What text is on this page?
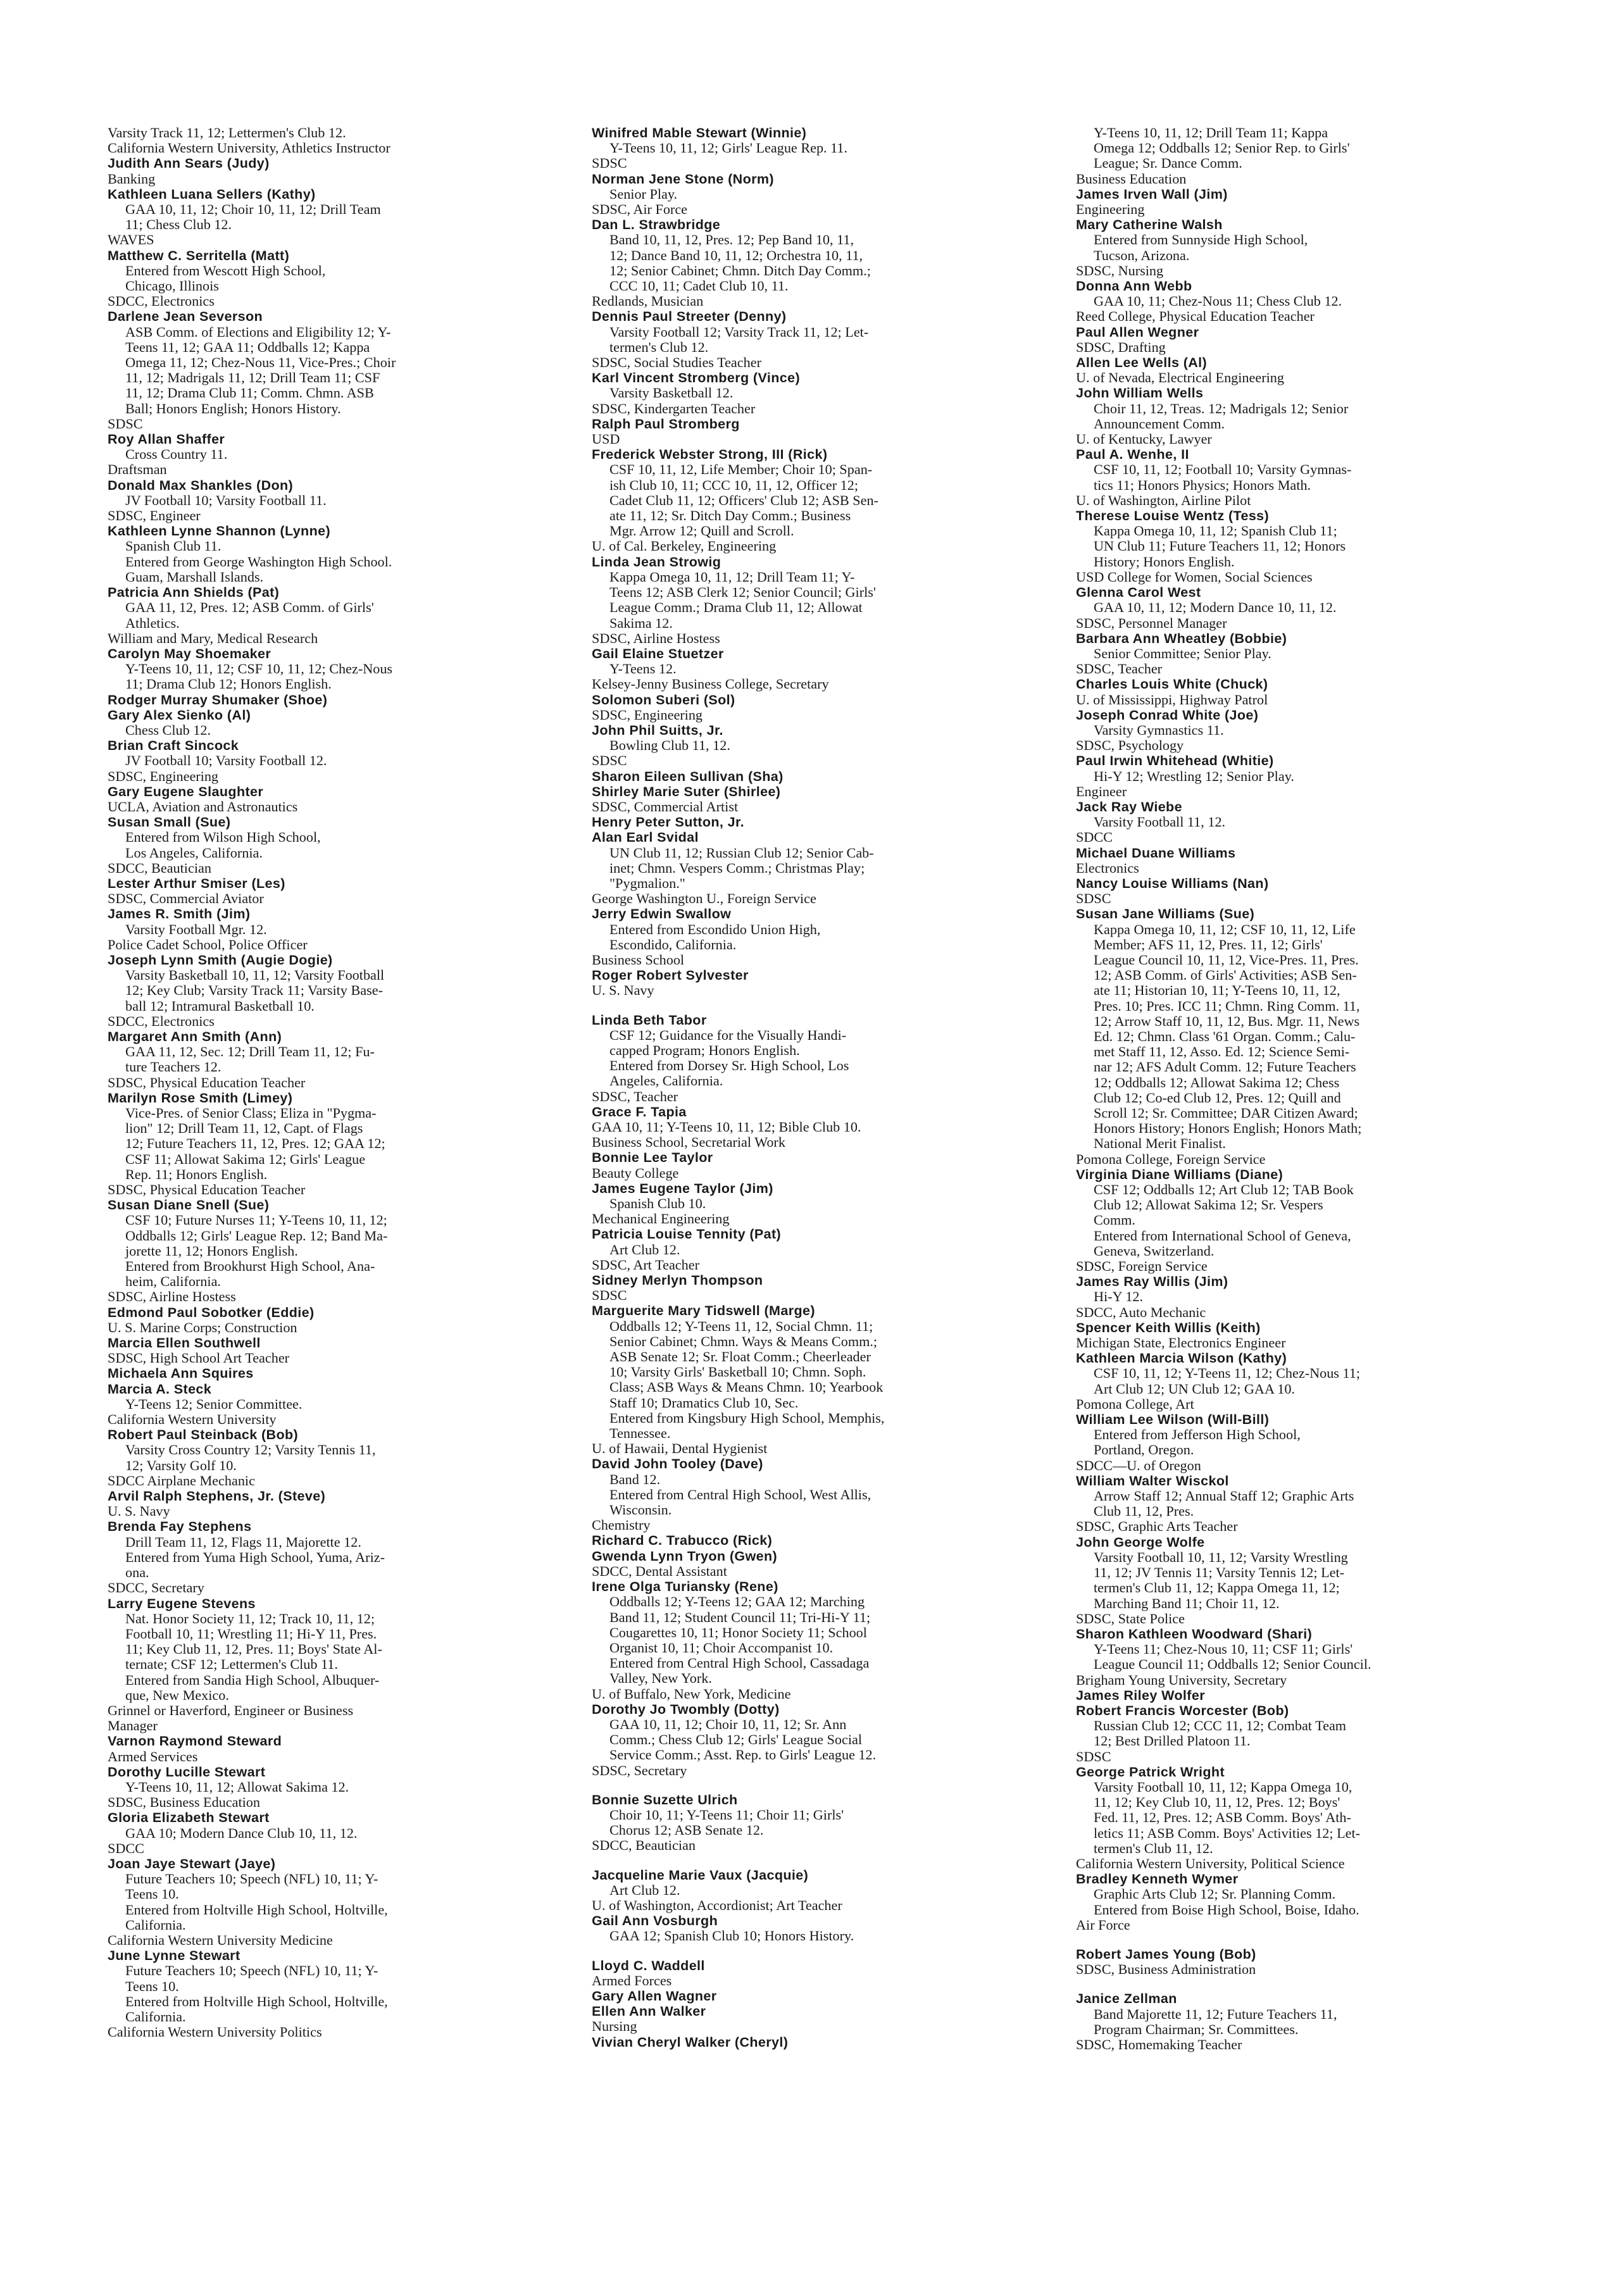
Varsity Track 11, 12; Lettermen's Club 12.
California Western University, Athletics Instructor
Judith Ann Sears (Judy)
Banking
Kathleen Luana Sellers (Kathy)
GAA 10, 11, 12; Choir 10, 11, 12; Drill Team
11; Chess Club 12.
WAVES
Matthew C. Serritella (Matt)
Entered from Wescott High School,
Chicago, Illinois
SDCC, Electronics
Darlene Jean Severson
ASB Comm. of Elections and Eligibility 12; Y-
Teens 11, 12; GAA 11; Oddballs 12; Kappa
Omega 11, 12; Chez-Nous 11, Vice-Pres.; Choir
11, 12; Madrigals 11, 12; Drill Team 11; CSF
11, 12; Drama Club 11; Comm. Chmn. ASB
Ball; Honors English; Honors History.
SDSC
Roy Allan Shaffer
Cross Country 11.
Draftsman
Donald Max Shankles (Don)
JV Football 10; Varsity Football 11.
SDSC, Engineer
Kathleen Lynne Shannon (Lynne)
Spanish Club 11.
Entered from George Washington High School.
Guam, Marshall Islands.
Patricia Ann Shields (Pat)
GAA 11, 12, Pres. 12; ASB Comm. of Girls'
Athletics.
William and Mary, Medical Research
Carolyn May Shoemaker
Y-Teens 10, 11, 12; CSF 10, 11, 12; Chez-Nous
11; Drama Club 12; Honors English.
Rodger Murray Shumaker (Shoe)
Gary Alex Sienko (Al)
Chess Club 12.
Brian Craft Sincock
JV Football 10; Varsity Football 12.
SDSC, Engineering
Gary Eugene Slaughter
UCLA, Aviation and Astronautics
Susan Small (Sue)
Entered from Wilson High School,
Los Angeles, California.
SDCC, Beautician
Lester Arthur Smiser (Les)
SDSC, Commercial Aviator
James R. Smith (Jim)
Varsity Football Mgr. 12.
Police Cadet School, Police Officer
Joseph Lynn Smith (Augie Dogie)
Varsity Basketball 10, 11, 12; Varsity Football
12; Key Club; Varsity Track 11; Varsity Base-
ball 12; Intramural Basketball 10.
SDCC, Electronics
Margaret Ann Smith (Ann)
GAA 11, 12, Sec. 12; Drill Team 11, 12; Fu-
ture Teachers 12.
SDSC, Physical Education Teacher
Marilyn Rose Smith (Limey)
Vice-Pres. of Senior Class; Eliza in "Pygma-
lion" 12; Drill Team 11, 12, Capt. of Flags
12; Future Teachers 11, 12, Pres. 12; GAA 12;
CSF 11; Allowat Sakima 12; Girls' League
Rep. 11; Honors English.
SDSC, Physical Education Teacher
Susan Diane Snell (Sue)
CSF 10; Future Nurses 11; Y-Teens 10, 11, 12;
Oddballs 12; Girls' League Rep. 12; Band Ma-
jorette 11, 12; Honors English.
Entered from Brookhurst High School, Ana-
heim, California.
SDSC, Airline Hostess
Edmond Paul Sobotker (Eddie)
U. S. Marine Corps; Construction
Marcia Ellen Southwell
SDSC, High School Art Teacher
Michaela Ann Squires
Marcia A. Steck
Y-Teens 12; Senior Committee.
California Western University
Robert Paul Steinback (Bob)
Varsity Cross Country 12; Varsity Tennis 11,
12; Varsity Golf 10.
SDCC Airplane Mechanic
Arvil Ralph Stephens, Jr. (Steve)
U. S. Navy
Brenda Fay Stephens
Drill Team 11, 12, Flags 11, Majorette 12.
Entered from Yuma High School, Yuma, Ariz-
ona.
SDCC, Secretary
Larry Eugene Stevens
Nat. Honor Society 11, 12; Track 10, 11, 12;
Football 10, 11; Wrestling 11; Hi-Y 11, Pres.
11; Key Club 11, 12, Pres. 11; Boys' State Al-
ternate; CSF 12; Lettermen's Club 11.
Entered from Sandia High School, Albuquer-
que, New Mexico.
Grinnel or Haverford, Engineer or Business
Manager
Varnon Raymond Steward
Armed Services
Dorothy Lucille Stewart
Y-Teens 10, 11, 12; Allowat Sakima 12.
SDSC, Business Education
Gloria Elizabeth Stewart
GAA 10; Modern Dance Club 10, 11, 12.
SDCC
Joan Jaye Stewart (Jaye)
Future Teachers 10; Speech (NFL) 10, 11; Y-
Teens 10.
Entered from Holtville High School, Holtville,
California.
California Western University Medicine
June Lynne Stewart
Future Teachers 10; Speech (NFL) 10, 11; Y-
Teens 10.
Entered from Holtville High School, Holtville,
California.
California Western University Politics
Winifred Mable Stewart (Winnie)
Y-Teens 10, 11, 12; Girls' League Rep. 11.
SDSC
Norman Jene Stone (Norm)
Senior Play.
SDSC, Air Force
Dan L. Strawbridge
Band 10, 11, 12, Pres. 12; Pep Band 10, 11,
12; Dance Band 10, 11, 12; Orchestra 10, 11,
12; Senior Cabinet; Chmn. Ditch Day Comm.;
CCC 10, 11; Cadet Club 10, 11.
Redlands, Musician
Dennis Paul Streeter (Denny)
Varsity Football 12; Varsity Track 11, 12; Let-
termen's Club 12.
SDSC, Social Studies Teacher
Karl Vincent Stromberg (Vince)
Varsity Basketball 12.
SDSC, Kindergarten Teacher
Ralph Paul Stromberg
USD
Frederick Webster Strong, III (Rick)
CSF 10, 11, 12, Life Member; Choir 10; Span-
ish Club 10, 11; CCC 10, 11, 12, Officer 12;
Cadet Club 11, 12; Officers' Club 12; ASB Sen-
ate 11, 12; Sr. Ditch Day Comm.; Business
Mgr. Arrow 12; Quill and Scroll.
U. of Cal. Berkeley, Engineering
Linda Jean Strowig
Kappa Omega 10, 11, 12; Drill Team 11; Y-
Teens 12; ASB Clerk 12; Senior Council; Girls'
League Comm.; Drama Club 11, 12; Allowat
Sakima 12.
SDSC, Airline Hostess
Gail Elaine Stuetzer
Y-Teens 12.
Kelsey-Jenny Business College, Secretary
Solomon Suberi (Sol)
SDSC, Engineering
John Phil Suitts, Jr.
Bowling Club 11, 12.
SDSC
Sharon Eileen Sullivan (Sha)
Shirley Marie Suter (Shirlee)
SDSC, Commercial Artist
Henry Peter Sutton, Jr.
Alan Earl Svidal
UN Club 11, 12; Russian Club 12; Senior Cab-
inet; Chmn. Vespers Comm.; Christmas Play;
"Pygmalion."
George Washington U., Foreign Service
Jerry Edwin Swallow
Entered from Escondido Union High,
Escondido, California.
Business School
Roger Robert Sylvester
U. S. Navy
Linda Beth Tabor
CSF 12; Guidance for the Visually Handi-
capped Program; Honors English.
Entered from Dorsey Sr. High School, Los
Angeles, California.
SDSC, Teacher
Grace F. Tapia
GAA 10, 11; Y-Teens 10, 11, 12; Bible Club 10.
Business School, Secretarial Work
Bonnie Lee Taylor
Beauty College
James Eugene Taylor (Jim)
Spanish Club 10.
Mechanical Engineering
Patricia Louise Tennity (Pat)
Art Club 12.
SDSC, Art Teacher
Sidney Merlyn Thompson
SDSC
Marguerite Mary Tidswell (Marge)
Oddballs 12; Y-Teens 11, 12, Social Chmn. 11;
Senior Cabinet; Chmn. Ways & Means Comm.;
ASB Senate 12; Sr. Float Comm.; Cheerleader
10; Varsity Girls' Basketball 10; Chmn. Soph.
Class; ASB Ways & Means Chmn. 10; Yearbook
Staff 10; Dramatics Club 10, Sec.
Entered from Kingsbury High School, Memphis,
Tennessee.
U. of Hawaii, Dental Hygienist
David John Tooley (Dave)
Band 12.
Entered from Central High School, West Allis,
Wisconsin.
Chemistry
Richard C. Trabucco (Rick)
Gwenda Lynn Tryon (Gwen)
SDCC, Dental Assistant
Irene Olga Turiansky (Rene)
Oddballs 12; Y-Teens 12; GAA 12; Marching
Band 11, 12; Student Council 11; Tri-Hi-Y 11;
Cougarettes 10, 11; Honor Society 11; School
Organist 10, 11; Choir Accompanist 10.
Entered from Central High School, Cassadaga
Valley, New York.
U. of Buffalo, New York, Medicine
Dorothy Jo Twombly (Dotty)
GAA 10, 11, 12; Choir 10, 11, 12; Sr. Ann
Comm.; Chess Club 12; Girls' League Social
Service Comm.; Asst. Rep. to Girls' League 12.
SDSC, Secretary
Bonnie Suzette Ulrich
Choir 10, 11; Y-Teens 11; Choir 11; Girls'
Chorus 12; ASB Senate 12.
SDCC, Beautician
Jacqueline Marie Vaux (Jacquie)
Art Club 12.
U. of Washington, Accordionist; Art Teacher
Gail Ann Vosburgh
GAA 12; Spanish Club 10; Honors History.
Lloyd C. Waddell
Armed Forces
Gary Allen Wagner
Ellen Ann Walker
Nursing
Vivian Cheryl Walker (Cheryl)
Y-Teens 10, 11, 12; Drill Team 11; Kappa
Omega 12; Oddballs 12; Senior Rep. to Girls'
League; Sr. Dance Comm.
Business Education
James Irven Wall (Jim)
Engineering
Mary Catherine Walsh
Entered from Sunnyside High School,
Tucson, Arizona.
SDSC, Nursing
Donna Ann Webb
GAA 10, 11; Chez-Nous 11; Chess Club 12.
Reed College, Physical Education Teacher
Paul Allen Wegner
SDSC, Drafting
Allen Lee Wells (Al)
U. of Nevada, Electrical Engineering
John William Wells
Choir 11, 12, Treas. 12; Madrigals 12; Senior
Announcement Comm.
U. of Kentucky, Lawyer
Paul A. Wenhe, II
CSF 10, 11, 12; Football 10; Varsity Gymnas-
tics 11; Honors Physics; Honors Math.
U. of Washington, Airline Pilot
Therese Louise Wentz (Tess)
Kappa Omega 10, 11, 12; Spanish Club 11;
UN Club 11; Future Teachers 11, 12; Honors
History; Honors English.
USD College for Women, Social Sciences
Glenna Carol West
GAA 10, 11, 12; Modern Dance 10, 11, 12.
SDSC, Personnel Manager
Barbara Ann Wheatley (Bobbie)
Senior Committee; Senior Play.
SDSC, Teacher
Charles Louis White (Chuck)
U. of Mississippi, Highway Patrol
Joseph Conrad White (Joe)
Varsity Gymnastics 11.
SDSC, Psychology
Paul Irwin Whitehead (Whitie)
Hi-Y 12; Wrestling 12; Senior Play.
Engineer
Jack Ray Wiebe
Varsity Football 11, 12.
SDCC
Michael Duane Williams
Electronics
Nancy Louise Williams (Nan)
SDSC
Susan Jane Williams (Sue)
Kappa Omega 10, 11, 12; CSF 10, 11, 12, Life
Member; AFS 11, 12, Pres. 11, 12; Girls'
League Council 10, 11, 12, Vice-Pres. 11, Pres.
12; ASB Comm. of Girls' Activities; ASB Sen-
ate 11; Historian 10, 11; Y-Teens 10, 11, 12,
Pres. 10; Pres. ICC 11; Chmn. Ring Comm. 11,
12; Arrow Staff 10, 11, 12, Bus. Mgr. 11, News
Ed. 12; Chmn. Class '61 Organ. Comm.; Calu-
met Staff 11, 12, Asso. Ed. 12; Science Semi-
nar 12; AFS Adult Comm. 12; Future Teachers
12; Oddballs 12; Allowat Sakima 12; Chess
Club 12; Co-ed Club 12, Pres. 12; Quill and
Scroll 12; Sr. Committee; DAR Citizen Award;
Honors History; Honors English; Honors Math;
National Merit Finalist.
Pomona College, Foreign Service
Virginia Diane Williams (Diane)
CSF 12; Oddballs 12; Art Club 12; TAB Book
Club 12; Allowat Sakima 12; Sr. Vespers
Comm.
Entered from International School of Geneva,
Geneva, Switzerland.
SDSC, Foreign Service
James Ray Willis (Jim)
Hi-Y 12.
SDCC, Auto Mechanic
Spencer Keith Willis (Keith)
Michigan State, Electronics Engineer
Kathleen Marcia Wilson (Kathy)
CSF 10, 11, 12; Y-Teens 11, 12; Chez-Nous 11;
Art Club 12; UN Club 12; GAA 10.
Pomona College, Art
William Lee Wilson (Will-Bill)
Entered from Jefferson High School,
Portland, Oregon.
SDCC—U. of Oregon
William Walter Wisckol
Arrow Staff 12; Annual Staff 12; Graphic Arts
Club 11, 12, Pres.
SDSC, Graphic Arts Teacher
John George Wolfe
Varsity Football 10, 11, 12; Varsity Wrestling
11, 12; JV Tennis 11; Varsity Tennis 12; Let-
termen's Club 11, 12; Kappa Omega 11, 12;
Marching Band 11; Choir 11, 12.
SDSC, State Police
Sharon Kathleen Woodward (Shari)
Y-Teens 11; Chez-Nous 10, 11; CSF 11; Girls'
League Council 11; Oddballs 12; Senior Council.
Brigham Young University, Secretary
James Riley Wolfer
Robert Francis Worcester (Bob)
Russian Club 12; CCC 11, 12; Combat Team
12; Best Drilled Platoon 11.
SDSC
George Patrick Wright
Varsity Football 10, 11, 12; Kappa Omega 10,
11, 12; Key Club 10, 11, 12, Pres. 12; Boys'
Fed. 11, 12, Pres. 12; ASB Comm. Boys' Ath-
letics 11; ASB Comm. Boys' Activities 12; Let-
termen's Club 11, 12.
California Western University, Political Science
Bradley Kenneth Wymer
Graphic Arts Club 12; Sr. Planning Comm.
Entered from Boise High School, Boise, Idaho.
Air Force
Robert James Young (Bob)
SDSC, Business Administration
Janice Zellman
Band Majorette 11, 12; Future Teachers 11,
Program Chairman; Sr. Committees.
SDSC, Homemaking Teacher
